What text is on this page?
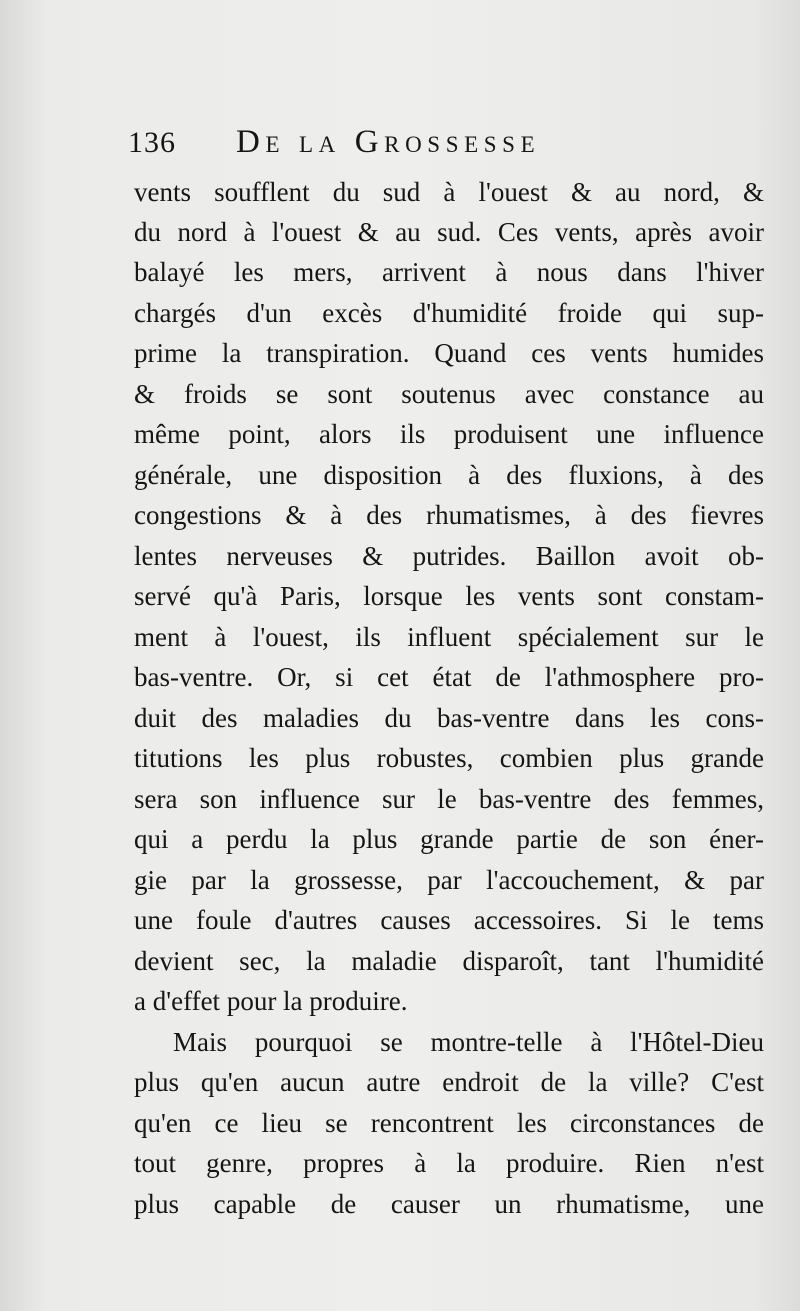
136 De la Grossesse
vents soufflent du sud à l'ouest & au nord, &
du nord à l'ouest & au sud. Ces vents, après avoir
balayé les mers, arrivent à nous dans l'hiver
chargés d'un excès d'humidité froide qui sup-
prime la transpiration. Quand ces vents humides
& froids se sont soutenus avec constance au
même point, alors ils produisent une influence
générale, une disposition à des fluxions, à des
congestions & à des rhumatismes, à des fievres
lentes nerveuses & putrides. Baillon avoit ob-
servé qu'à Paris, lorsque les vents sont constam-
ment à l'ouest, ils influent spécialement sur le
bas-ventre. Or, si cet état de l'athmosphere pro-
duit des maladies du bas-ventre dans les cons-
titutions les plus robustes, combien plus grande
sera son influence sur le bas-ventre des femmes,
qui a perdu la plus grande partie de son éner-
gie par la grossesse, par l'accouchement, & par
une foule d'autres causes accessoires. Si le tems
devient sec, la maladie disparoît, tant l'humidité
a d'effet pour la produire.
Mais pourquoi se montre-telle à l'Hôtel-Dieu
plus qu'en aucun autre endroit de la ville? C'est
qu'en ce lieu se rencontrent les circonstances de
tout genre, propres à la produire. Rien n'est
plus capable de causer un rhumatisme, une
